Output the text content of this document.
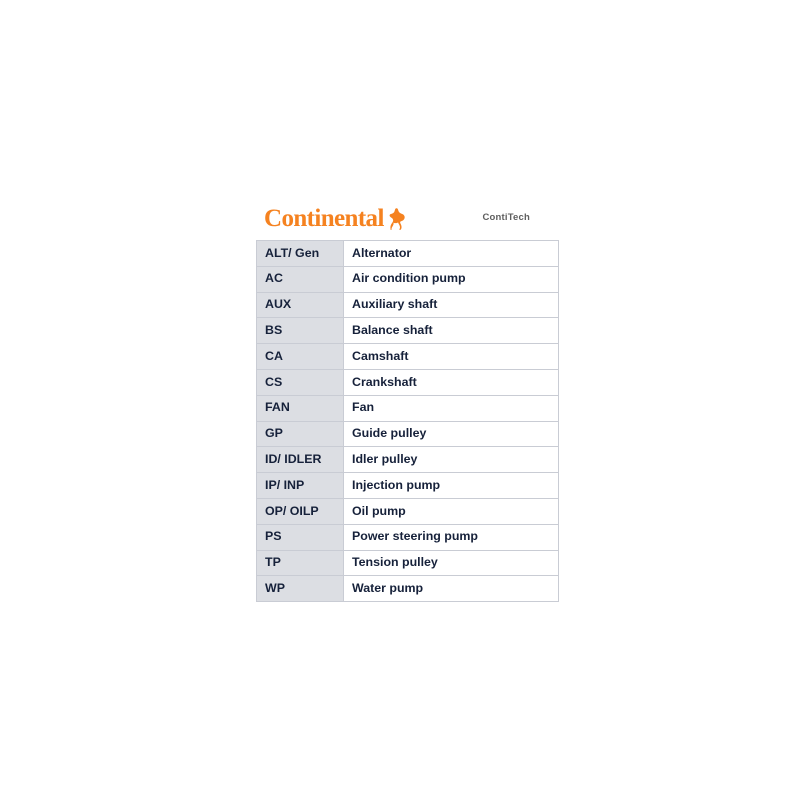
Continental	ContiTech
ALT/ Gen	Alternator
AC	Air condition pump
AUX	Auxiliary shaft
BS	Balance shaft
CA	Camshaft
CS	Crankshaft
FAN	Fan
GP	Guide pulley
ID/ IDLER	Idler pulley
IP/ INP	Injection pump
OP/ OILP	Oil pump
PS	Power steering pump
TP	Tension pulley
WP	Water pump
